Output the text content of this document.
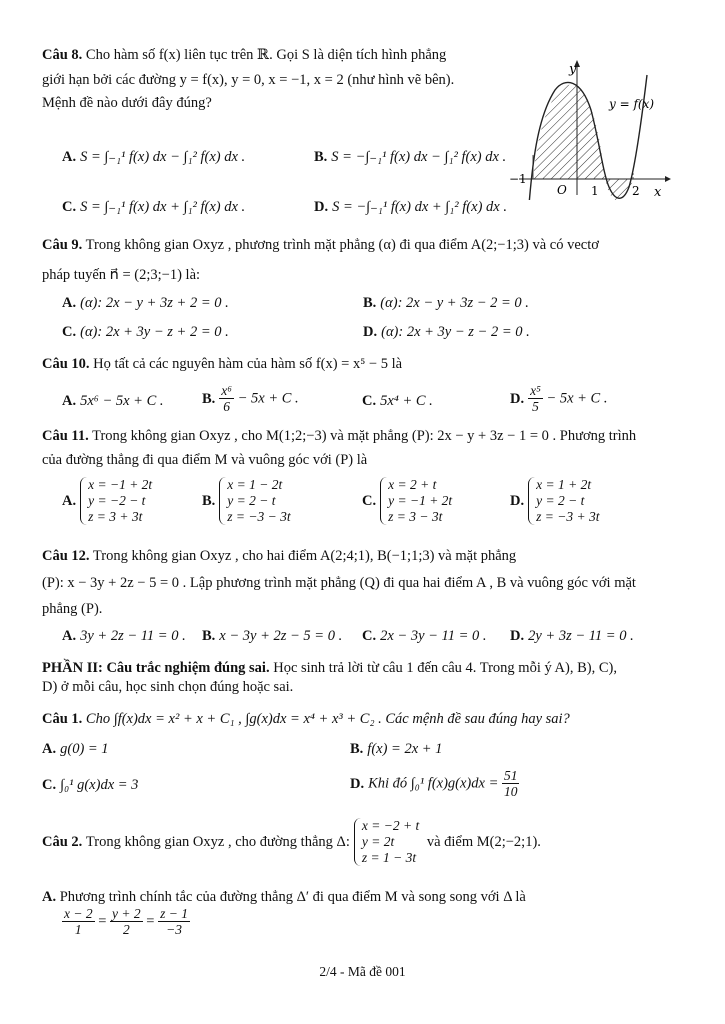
Câu 8. Cho hàm số f(x) liên tục trên ℝ. Gọi S là diện tích hình phẳng
giới hạn bởi các đường y = f(x), y = 0, x = −1, x = 2 (như hình vẽ bên).
Mệnh đề nào dưới đây đúng?
A. S = ∫₋₁¹ f(x) dx − ∫₁² f(x) dx .	B. S = −∫₋₁¹ f(x) dx − ∫₁² f(x) dx .
C. S = ∫₋₁¹ f(x) dx + ∫₁² f(x) dx .	D. S = −∫₋₁¹ f(x) dx + ∫₁² f(x) dx .
y
x
y = f(x)
O
−1
1	2
Câu 9. Trong không gian Oxyz , phương trình mặt phẳng (α) đi qua điểm A(2;−1;3) và có vectơ
pháp tuyến n⃗ = (2;3;−1) là:
A. (α): 2x − y + 3z + 2 = 0 .	B. (α): 2x − y + 3z − 2 = 0 .
C. (α): 2x + 3y − z + 2 = 0 .	D. (α): 2x + 3y − z − 2 = 0 .
Câu 10. Họ tất cả các nguyên hàm của hàm số f(x) = x⁵ − 5 là
A. 5x⁶ − 5x + C .	B. $\frac{\text{x⁶}}{6} - 5x + C$ .	C. 5x⁴ + C .	D. $\frac{\text{x⁵}}{5} - 5x + C$ .
Câu 11. Trong không gian Oxyz , cho M(1;2;−3) và mặt phẳng (P): 2x − y + 3z − 1 = 0 . Phương trình
của đường thẳng đi qua điểm M và vuông góc với (P) là
A.
x = −1 + 2t
y = −2 − t
z = 3 + 3t
B.
x = 1 − 2t
y = 2 − t
z = −3 − 3t
C.
x = 2 + t
y = −1 + 2t
z = 3 − 3t
D.
x = 1 + 2t
y = 2 − t
z = −3 + 3t
Câu 12. Trong không gian Oxyz , cho hai điểm A(2;4;1), B(−1;1;3) và mặt phẳng
(P): x − 3y + 2z − 5 = 0 . Lập phương trình mặt phẳng (Q) đi qua hai điểm A , B và vuông góc với mặt
phẳng (P).
A. 3y + 2z − 11 = 0 . B. x − 3y + 2z − 5 = 0 . C. 2x − 3y − 11 = 0 . D. 2y + 3z − 11 = 0 .
PHẦN II: Câu trắc nghiệm đúng sai. Học sinh trả lời từ câu 1 đến câu 4. Trong mỗi ý A), B), C),
D) ở mỗi câu, học sinh chọn đúng hoặc sai.
Câu 1. Cho ∫f(x)dx = x² + x + C₁ , ∫g(x)dx = x⁴ + x³ + C₂ . Các mệnh đề sau đúng hay sai?
A. g(0) = 1	B. f(x) = 2x + 1
C. ∫₀¹ g(x)dx = 3	D. Khi đó ∫₀¹ $f(x)g(x)dx = \frac{51}{10}$
Câu 2. Trong không gian Oxyz , cho đường thẳng Δ:
x = −2 + t
y = 2t
z = 1 − 3t
và điểm M(2;−2;1).
A. Phương trình chính tắc của đường thẳng Δ′ đi qua điểm M và song song với Δ là
$\frac{x - 2}{1} = \frac{y + 2}{2} = \frac{z - 1}{-3}$
2/4 - Mã đề 001
